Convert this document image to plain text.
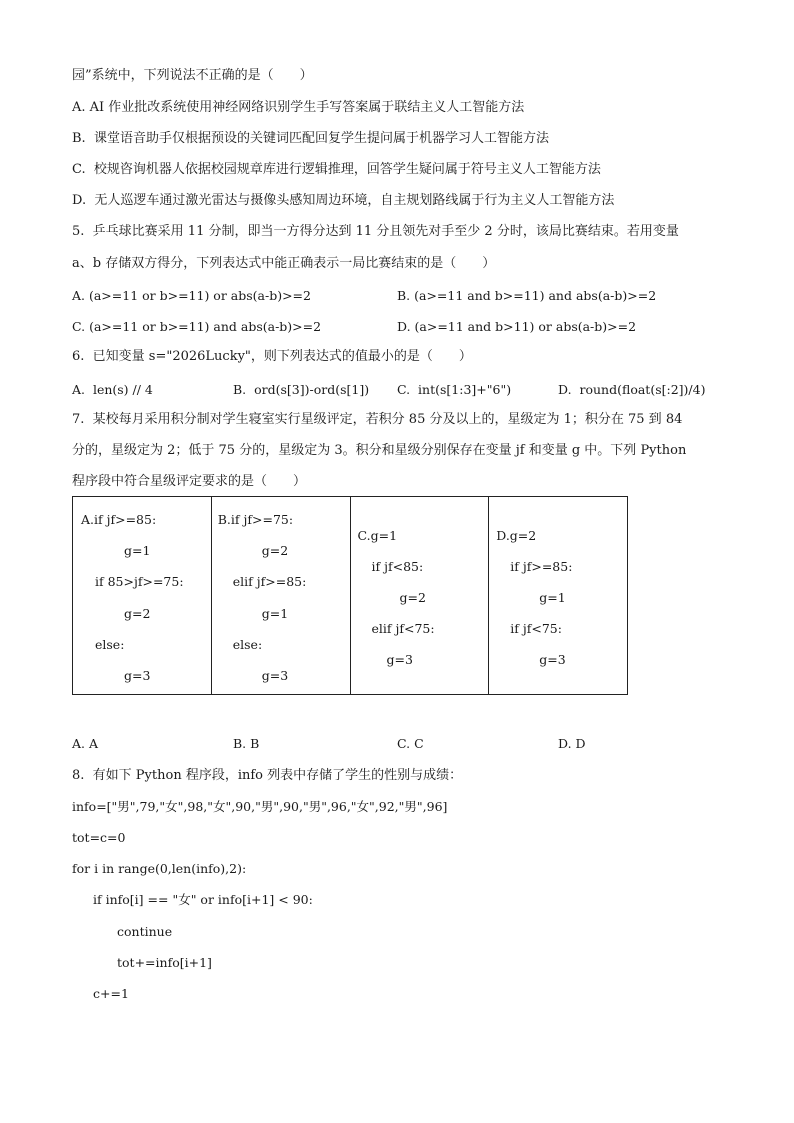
园”系统中，下列说法不正确的是（　　）
A. AI 作业批改系统使用神经网络识别学生手写答案属于联结主义人工智能方法
B.  课堂语音助手仅根据预设的关键词匹配回复学生提问属于机器学习人工智能方法
C.  校规咨询机器人依据校园规章库进行逻辑推理，回答学生疑问属于符号主义人工智能方法
D.  无人巡逻车通过激光雷达与摄像头感知周边环境，自主规划路线属于行为主义人工智能方法
5.  乒乓球比赛采用 11 分制，即当一方得分达到 11 分且领先对手至少 2 分时，该局比赛结束。若用变量
a、b 存储双方得分，下列表达式中能正确表示一局比赛结束的是（　　）
A. (a>=11 or b>=11) or abs(a-b)>=2	B. (a>=11 and b>=11) and abs(a-b)>=2
C. (a>=11 or b>=11) and abs(a-b)>=2	D. (a>=11 and b>11) or abs(a-b)>=2
6.  已知变量 s="2026Lucky"，则下列表达式的值最小的是（　　）
A.  len(s) // 4	B.  ord(s[3])-ord(s[1]) C.  int(s[1:3]+"6")	D.  round(float(s[:2])/4)
7.  某校每月采用积分制对学生寝室实行星级评定，若积分 85 分及以上的，星级定为 1；积分在 75 到 84
分的，星级定为 2；低于 75 分的，星级定为 3。积分和星级分别保存在变量 jf 和变量 g 中。下列 Python
程序段中符合星级评定要求的是（　　）
A.if jf>=85:
g=1
if 85>jf>=75:
g=2
else:
g=3

B.if jf>=75:
g=2
elif jf>=85:
g=1
else:
g=3

C.g=1
if jf<85:
g=2
elif jf<75:
g=3

D.g=2
if jf>=85:
g=1
if jf<75:
g=3
A. A	B. B	C. C	D. D
8.  有如下 Python 程序段，info 列表中存储了学生的性别与成绩：
info=["男",79,"女",98,"女",90,"男",90,"男",96,"女",92,"男",96]
tot=c=0
for i in range(0,len(info),2):
if info[i] == "女" or info[i+1] < 90:
continue
tot+=info[i+1]
c+=1
